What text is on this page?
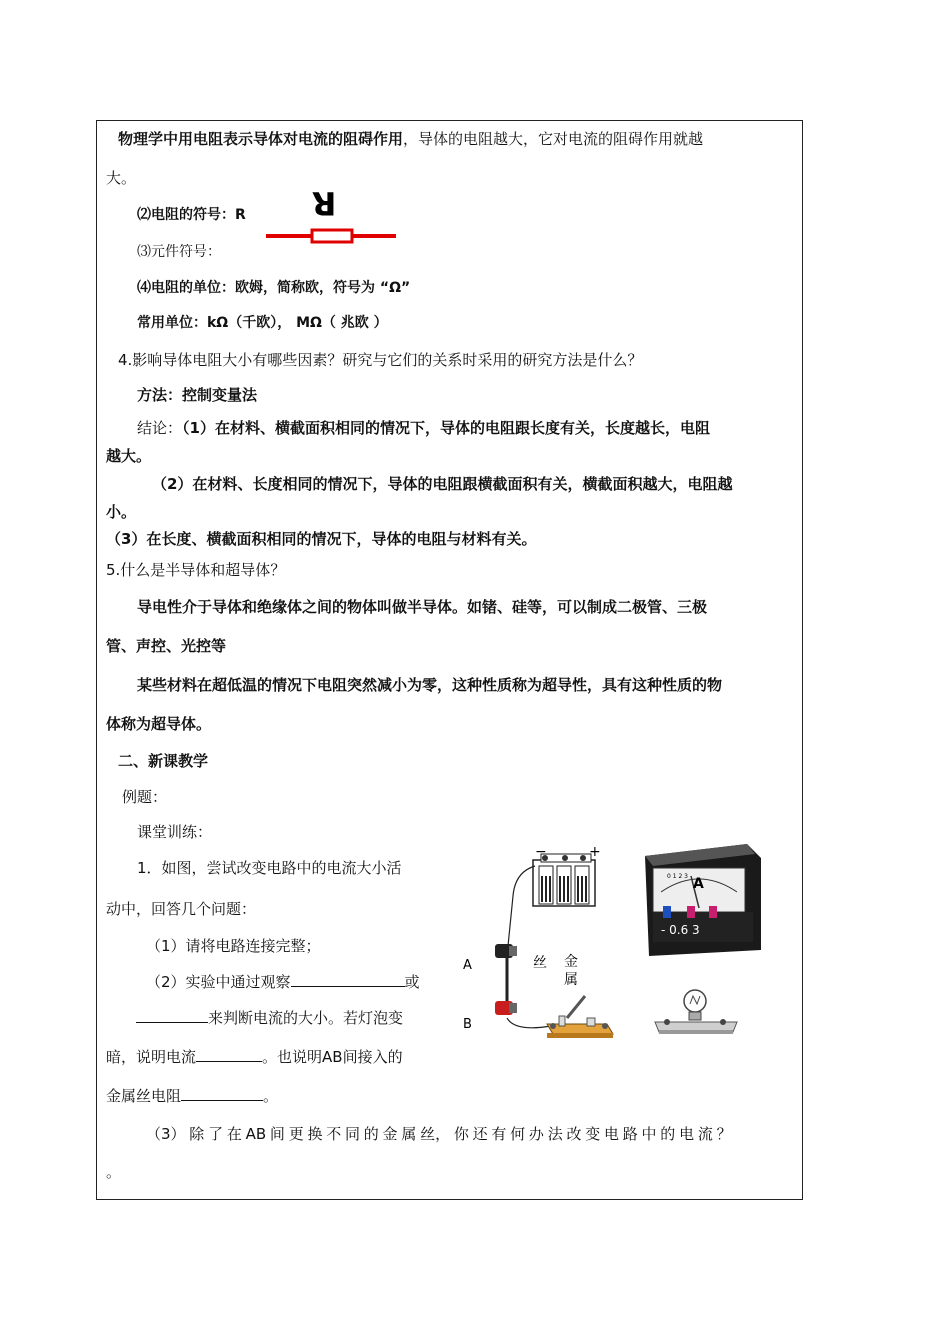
物理学中用电阻表示导体对电流的阻碍作用，导体的电阻越大，它对电流的阻碍作用就越
大。
⑵电阻的符号：R
⑶元件符号：
R
⑷电阻的单位：欧姆，简称欧，符号为 “Ω”
常用单位：kΩ（千欧）， MΩ（ 兆欧 ）
4.影响导体电阻大小有哪些因素？研究与它们的关系时采用的研究方法是什么？
方法：控制变量法
结论：（1）在材料、横截面积相同的情况下，导体的电阻跟长度有关，长度越长，电阻
越大。
（2）在材料、长度相同的情况下，导体的电阻跟横截面积有关，横截面积越大，电阻越
小。
（3）在长度、横截面积相同的情况下，导体的电阻与材料有关。
5.什么是半导体和超导体？
导电性介于导体和绝缘体之间的物体叫做半导体。如锗、硅等，可以制成二极管、三极
管、声控、光控等
某些材料在超低温的情况下电阻突然减小为零，这种性质称为超导性，具有这种性质的物
体称为超导体。
二、新课教学
例题：
课堂训练：
1．如图，尝试改变电路中的电流大小活
动中，回答几个问题：
（1）请将电路连接完整；
（2）实验中通过观察	或
来判断电流的大小。若灯泡变
暗，说明电流	。也说明AB间接入的
金属丝电阻	。
（3） 除 了 在 AB 间 更 换 不 同 的 金 属 丝， 你 还 有 何 办 法 改 变 电 路 中 的 电 流 ？
。
−	+
A
B
丝 金
属
A
0 1 2 3
- 0.6 3
